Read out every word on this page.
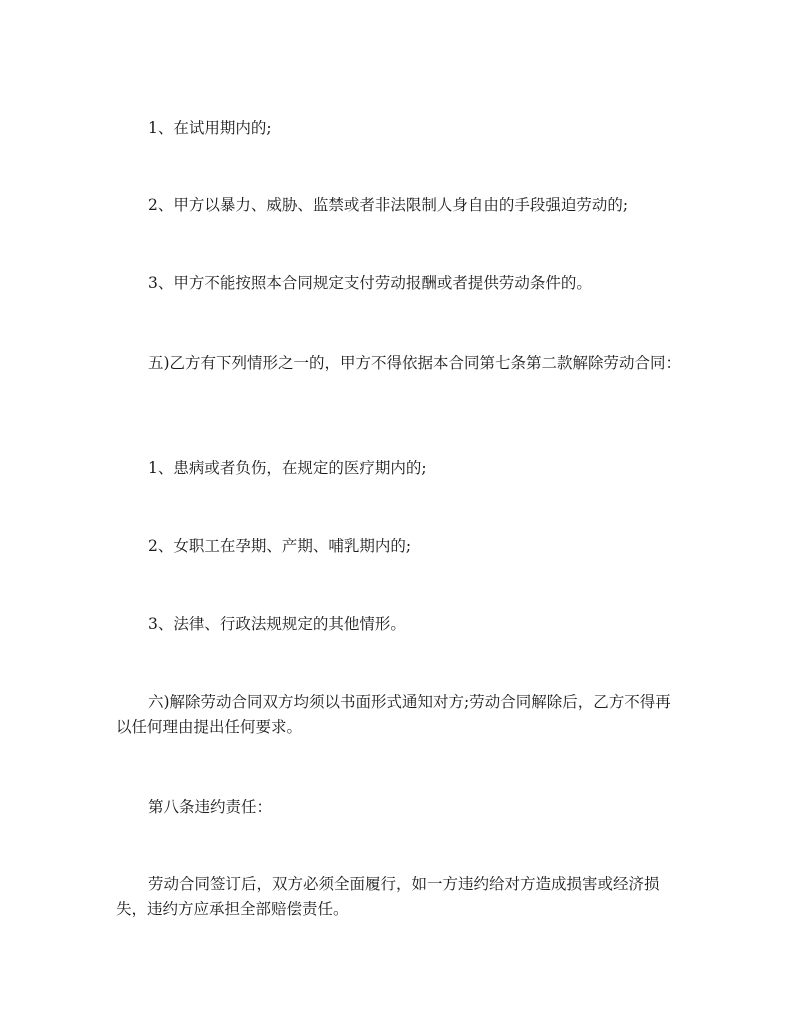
1、在试用期内的;

2、甲方以暴力、威胁、监禁或者非法限制人身自由的手段强迫劳动的;

3、甲方不能按照本合同规定支付劳动报酬或者提供劳动条件的。

五)乙方有下列情形之一的，甲方不得依据本合同第七条第二款解除劳动合同：

1、患病或者负伤，在规定的医疗期内的;

2、女职工在孕期、产期、哺乳期内的;

3、法律、行政法规规定的其他情形。

六)解除劳动合同双方均须以书面形式通知对方;劳动合同解除后，乙方不得再以任何理由提出任何要求。

第八条违约责任：

劳动合同签订后，双方必须全面履行，如一方违约给对方造成损害或经济损失，违约方应承担全部赔偿责任。
